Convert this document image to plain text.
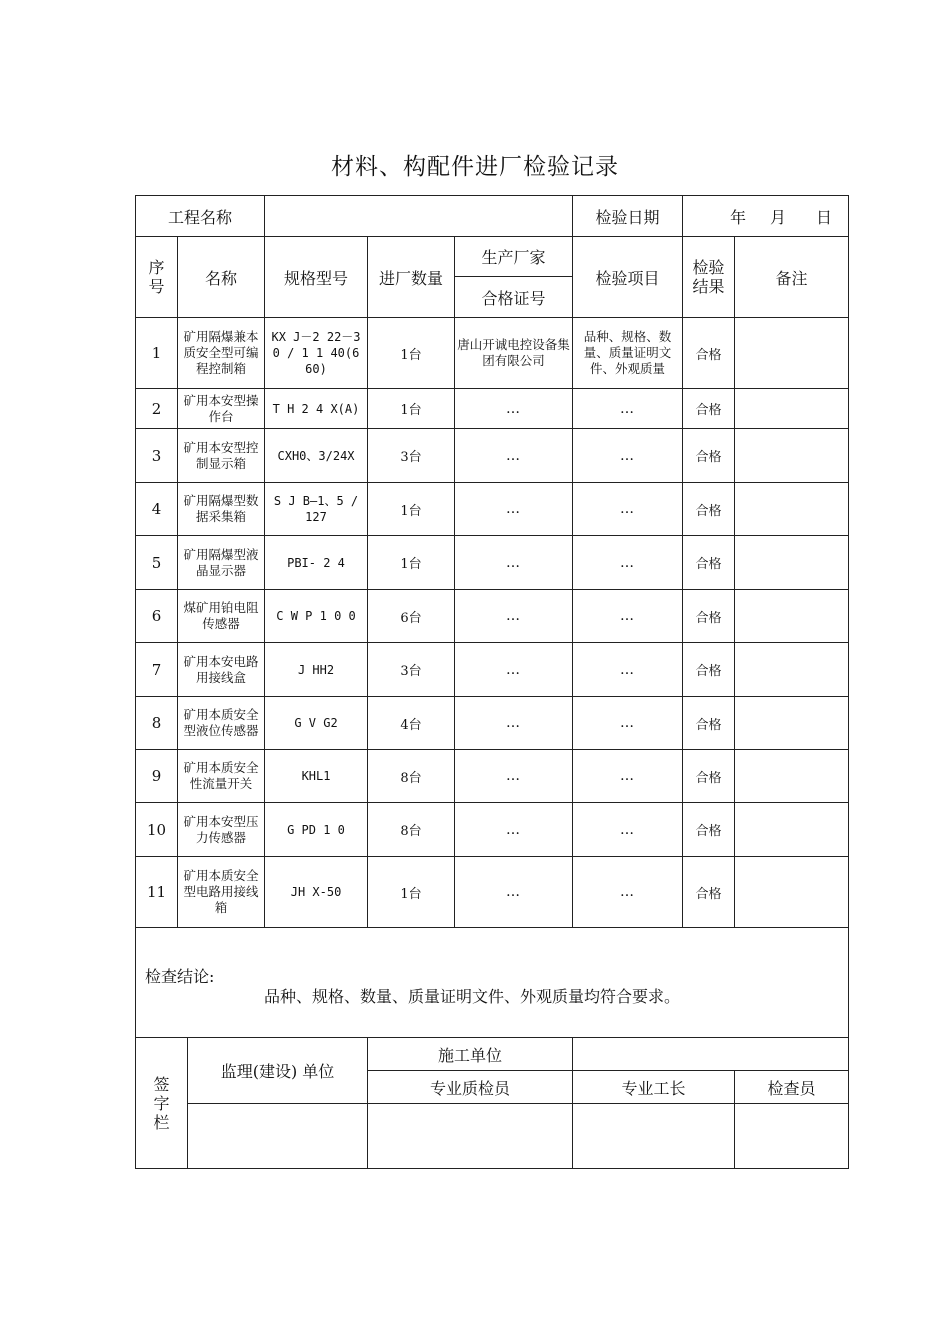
材料、构配件进厂检验记录
工程名称						检验日期	年 月 日	

序号	名称		规格型号	进厂数量	生产厂家	检验项目	检验结果	备注
					合格证号			
1	矿用隔爆兼本质安全型可编程控制箱		KX J－2 22－3 0 / 1 1 40(6 60)	1台	唐山开诚电控设备集团有限公司	品种、规格、数量、质量证明文件、外观质量	合格	
2	矿用本安型操作台		T H 2 4 X(A)	1台	…	…	合格	
3	矿用本安型控制显示箱		CXH0、3/24X	3台	…	…	合格	
4	矿用隔爆型数据采集箱		S J B—1、5 / 127	1台	…	…	合格	
5	矿用隔爆型液晶显示器		PBI- 2 4	1台	…	…	合格	
6	煤矿用铂电阻传感器		C W P 1 0 0	6台	…	…	合格	
7	矿用本安电路用接线盒		J HH2	3台	…	…	合格	
8	矿用本质安全型液位传感器		G V G2	4台	…	…	合格	
9	矿用本质安全性流量开关		KHL1	8台	…	…	合格	
10	矿用本安型压力传感器		G PD 1 0	8台	…	…	合格	
11	矿用本质安全型电路用接线箱		JH X-50	1台	…	…	合格	

检查结论:
品种、规格、数量、质量证明文件、外观质量均符合要求。								

签字栏		监理(建设) 单位		施工单位				
				专业质检员		专业工长		检查员
